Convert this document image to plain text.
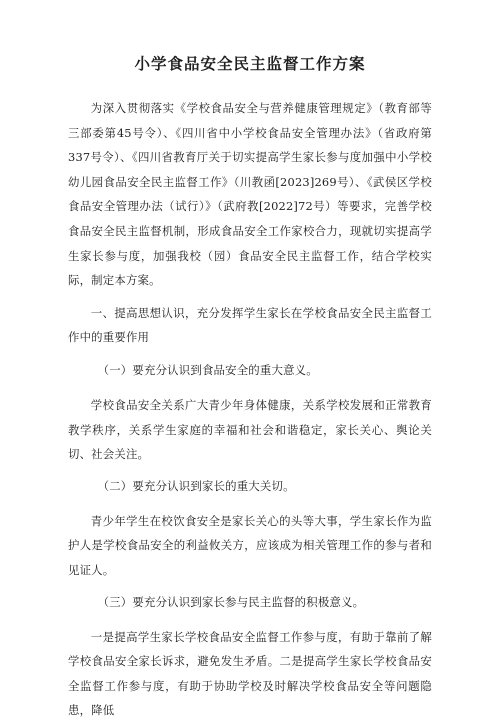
小学食品安全民主监督工作方案

为深入贯彻落实《学校食品安全与营养健康管理规定》（教育部等三部委第45号令）、《四川省中小学校食品安全管理办法》（省政府第337号令）、《四川省教育厅关于切实提高学生家长参与度加强中小学校幼儿园食品安全民主监督工作》（川教函[2023]269号）、《武侯区学校食品安全管理办法（试行）》（武府教[2022]72号）等要求，完善学校食品安全民主监督机制，形成食品安全工作家校合力，现就切实提高学生家长参与度，加强我校（园）食品安全民主监督工作，结合学校实际，制定本方案。

一、提高思想认识，充分发挥学生家长在学校食品安全民主监督工作中的重要作用

（一）要充分认识到食品安全的重大意义。

学校食品安全关系广大青少年身体健康，关系学校发展和正常教育教学秩序，关系学生家庭的幸福和社会和谐稳定，家长关心、舆论关切、社会关注。

（二）要充分认识到家长的重大关切。

青少年学生在校饮食安全是家长关心的头等大事，学生家长作为监护人是学校食品安全的利益攸关方，应该成为相关管理工作的参与者和见证人。

（三）要充分认识到家长参与民主监督的积极意义。

一是提高学生家长学校食品安全监督工作参与度，有助于靠前了解学校食品安全家长诉求，避免发生矛盾。二是提高学生家长学校食品安全监督工作参与度，有助于协助学校及时解决学校食品安全等问题隐患，降低
